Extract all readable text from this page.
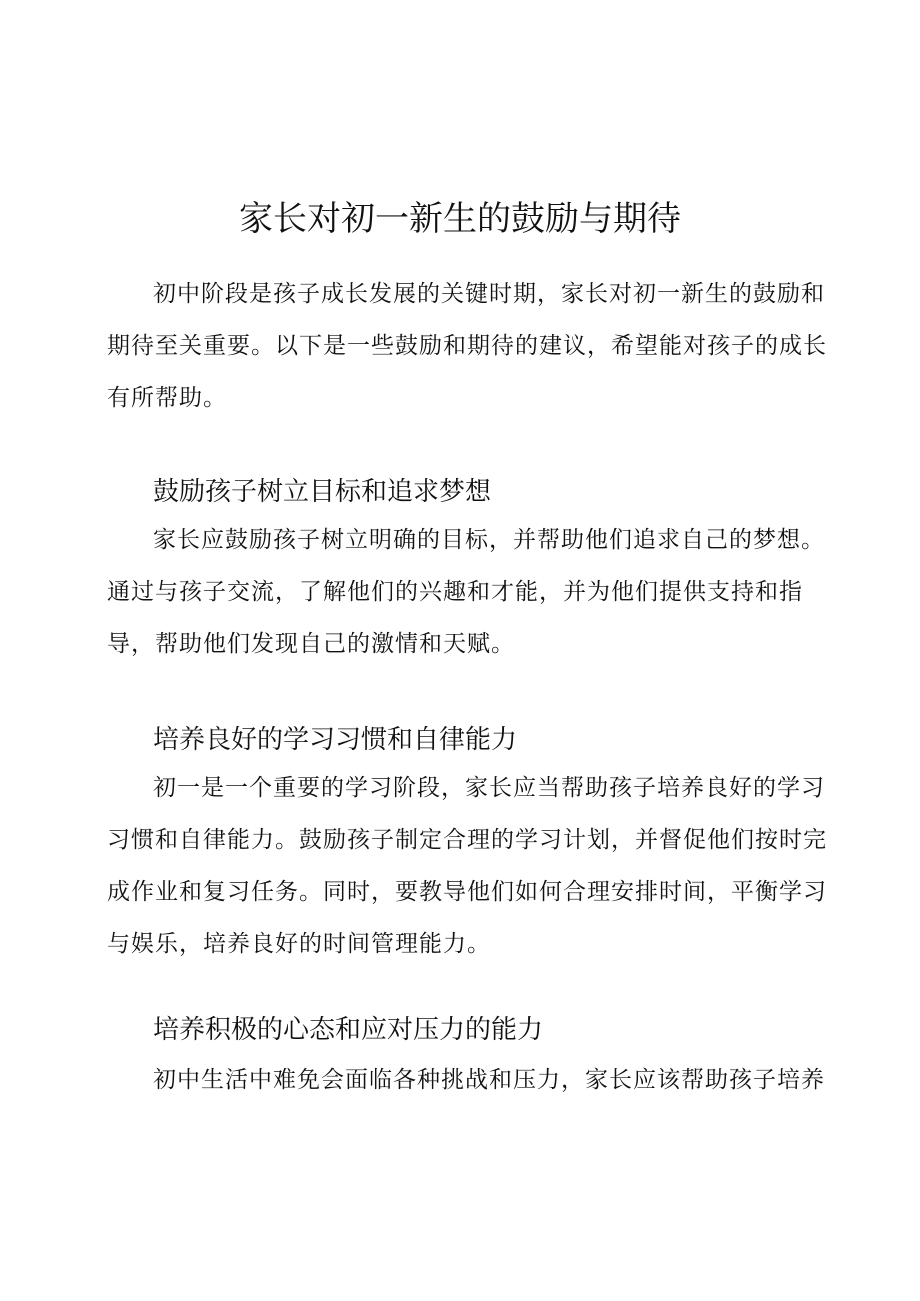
家长对初一新生的鼓励与期待

初中阶段是孩子成长发展的关键时期，家长对初一新生的鼓励和期待至关重要。以下是一些鼓励和期待的建议，希望能对孩子的成长有所帮助。

鼓励孩子树立目标和追求梦想

家长应鼓励孩子树立明确的目标，并帮助他们追求自己的梦想。通过与孩子交流，了解他们的兴趣和才能，并为他们提供支持和指导，帮助他们发现自己的激情和天赋。

培养良好的学习习惯和自律能力

初一是一个重要的学习阶段，家长应当帮助孩子培养良好的学习习惯和自律能力。鼓励孩子制定合理的学习计划，并督促他们按时完成作业和复习任务。同时，要教导他们如何合理安排时间，平衡学习与娱乐，培养良好的时间管理能力。

培养积极的心态和应对压力的能力

初中生活中难免会面临各种挑战和压力，家长应该帮助孩子培养
